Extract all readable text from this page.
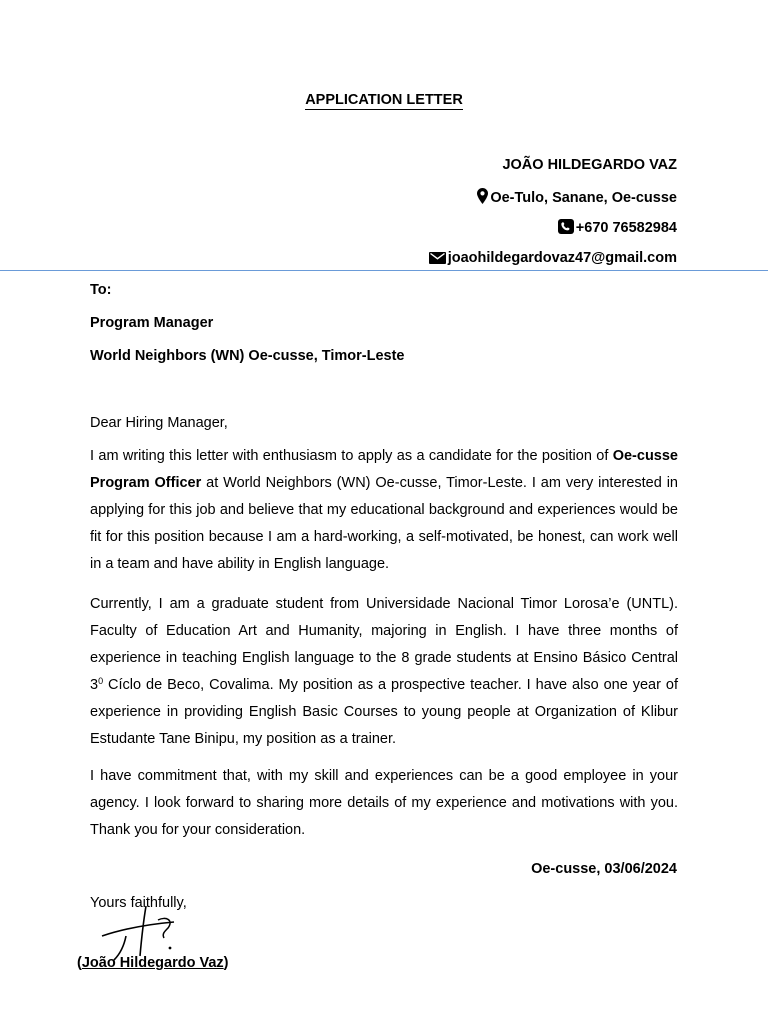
APPLICATION LETTER
JOÃO HILDEGARDO VAZ
Oe-Tulo, Sanane, Oe-cusse
+670 76582984
joaohildegardovaz47@gmail.com
To:
Program Manager
World Neighbors (WN) Oe-cusse, Timor-Leste
Dear Hiring Manager,
I am writing this letter with enthusiasm to apply as a candidate for the position of Oe-cusse Program Officer at World Neighbors (WN) Oe-cusse, Timor-Leste. I am very interested in applying for this job and believe that my educational background and experiences would be fit for this position because I am a hard-working, a self-motivated, be honest, can work well in a team and have ability in English language.
Currently, I am a graduate student from Universidade Nacional Timor Lorosa’e (UNTL). Faculty of Education Art and Humanity, majoring in English. I have three months of experience in teaching English language to the 8 grade students at Ensino Básico Central $3^0$ Cíclo de Beco, Covalima. My position as a prospective teacher. I have also one year of experience in providing English Basic Courses to young people at Organization of Klibur Estudante Tane Binipu, my position as a trainer.
I have commitment that, with my skill and experiences can be a good employee in your agency. I look forward to sharing more details of my experience and motivations with you. Thank you for your consideration.
Oe-cusse, 03/06/2024
Yours faithfully,
(João Hildegardo Vaz)
